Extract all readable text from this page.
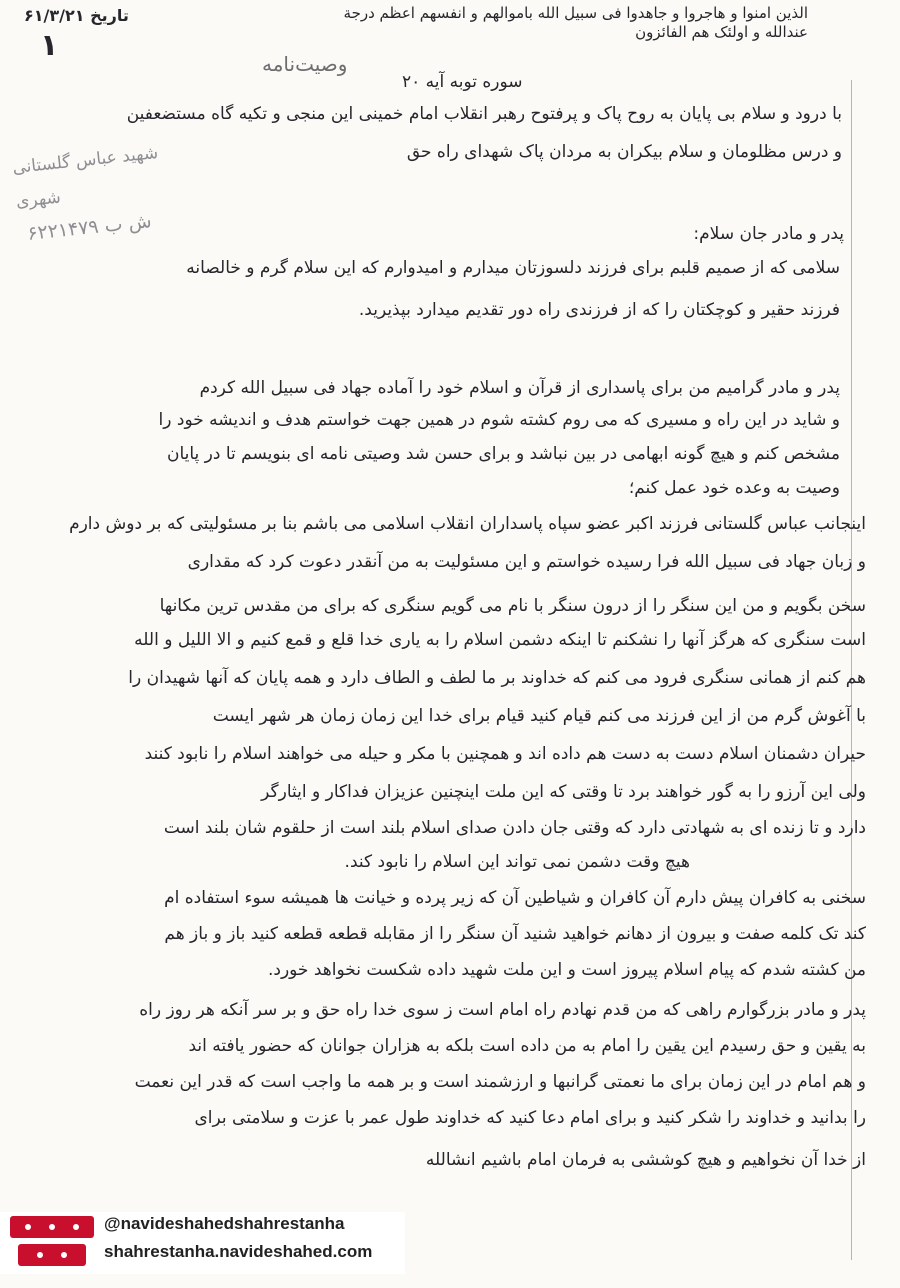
الذین امنوا و هاجروا و جاهدوا فی سبیل الله باموالهم و انفسهم اعظم درجة
عندالله و اولئک هم الفائزون
تاریخ ۶۱/۳/۲۱
۱
وصیت‌نامه
سوره توبه آیه ۲۰
شهید عباس گلستانی
شهری
ش ب ۶۲۲۱۴۷۹
با درود و سلام بی پایان به روح پاک و پرفتوح رهبر انقلاب امام خمینی این منجی و تکیه گاه مستضعفین
و درس مظلومان و سلام بیکران به مردان پاک شهدای راه حق
پدر و مادر جان سلام:
سلامی که از صمیم قلبم برای فرزند دلسوزتان میدارم و امیدوارم که این سلام گرم و خالصانه
فرزند حقیر و کوچکتان را که از فرزندی راه دور تقدیم میدارد بپذیرید.
پدر و مادر گرامیم من برای پاسداری از قرآن و اسلام خود را آماده جهاد فی سبیل الله کردم
و شاید در این راه و مسیری که می روم کشته شوم در همین جهت خواستم هدف و اندیشه خود را
مشخص کنم و هیچ گونه ابهامی در بین نباشد و برای حسن شد وصیتی نامه ای بنویسم تا در پایان
وصیت به وعده خود عمل کنم؛
اینجانب عباس گلستانی فرزند اکبر عضو سپاه پاسداران انقلاب اسلامی می باشم بنا بر مسئولیتی که بر دوش دارم
و زبان جهاد فی سبیل الله فرا رسیده خواستم و این مسئولیت به من آنقدر دعوت کرد که مقداری
سخن بگویم و من این سنگر را از درون سنگر با نام می گویم سنگری که برای من مقدس ترین مکانها
است سنگری که هرگز آنها را نشکنم تا اینکه دشمن اسلام را به یاری خدا قلع و قمع کنیم و الا اللیل و الله
هم کنم از همانی سنگری فرود می کنم که خداوند بر ما لطف و الطاف دارد و همه پایان که آنها شهیدان را
با آغوش گرم من از این فرزند می کنم قیام کنید قیام برای خدا این زمان زمان هر شهر ایست
حیران دشمنان اسلام دست به دست هم داده اند و همچنین با مکر و حیله می خواهند اسلام را نابود کنند
ولی این آرزو را به گور خواهند برد تا وقتی که این ملت اینچنین عزیزان فداکار و ایثارگر
دارد و تا زنده ای به شهادتی دارد که وقتی جان دادن صدای اسلام بلند است از حلقوم شان بلند است
هیچ وقت دشمن نمی تواند این اسلام را نابود کند.
سخنی به کافران پیش دارم آن کافران و شیاطین آن که زیر پرده و خیانت ها همیشه سوء استفاده ام
کند تک کلمه صفت و بیرون از دهانم خواهید شنید آن سنگر را از مقابله قطعه قطعه کنید باز و باز هم
من کشته شدم که پیام اسلام پیروز است و این ملت شهید داده شکست نخواهد خورد.
پدر و مادر بزرگوارم راهی که من قدم نهادم راه امام است ز سوی خدا راه حق و بر سر آنکه هر روز راه
به یقین و حق رسیدم این یقین را امام به من داده است بلکه به هزاران جوانان که حضور یافته اند
و هم امام در این زمان برای ما نعمتی گرانبها و ارزشمند است و بر همه ما واجب است که قدر این نعمت
را بدانید و خداوند را شکر کنید و برای امام دعا کنید که خداوند طول عمر با عزت و سلامتی برای
از خدا آن نخواهیم و هیچ کوششی به فرمان امام باشیم انشالله
@navideshahedshahrestanha
shahrestanha.navideshahed.com
